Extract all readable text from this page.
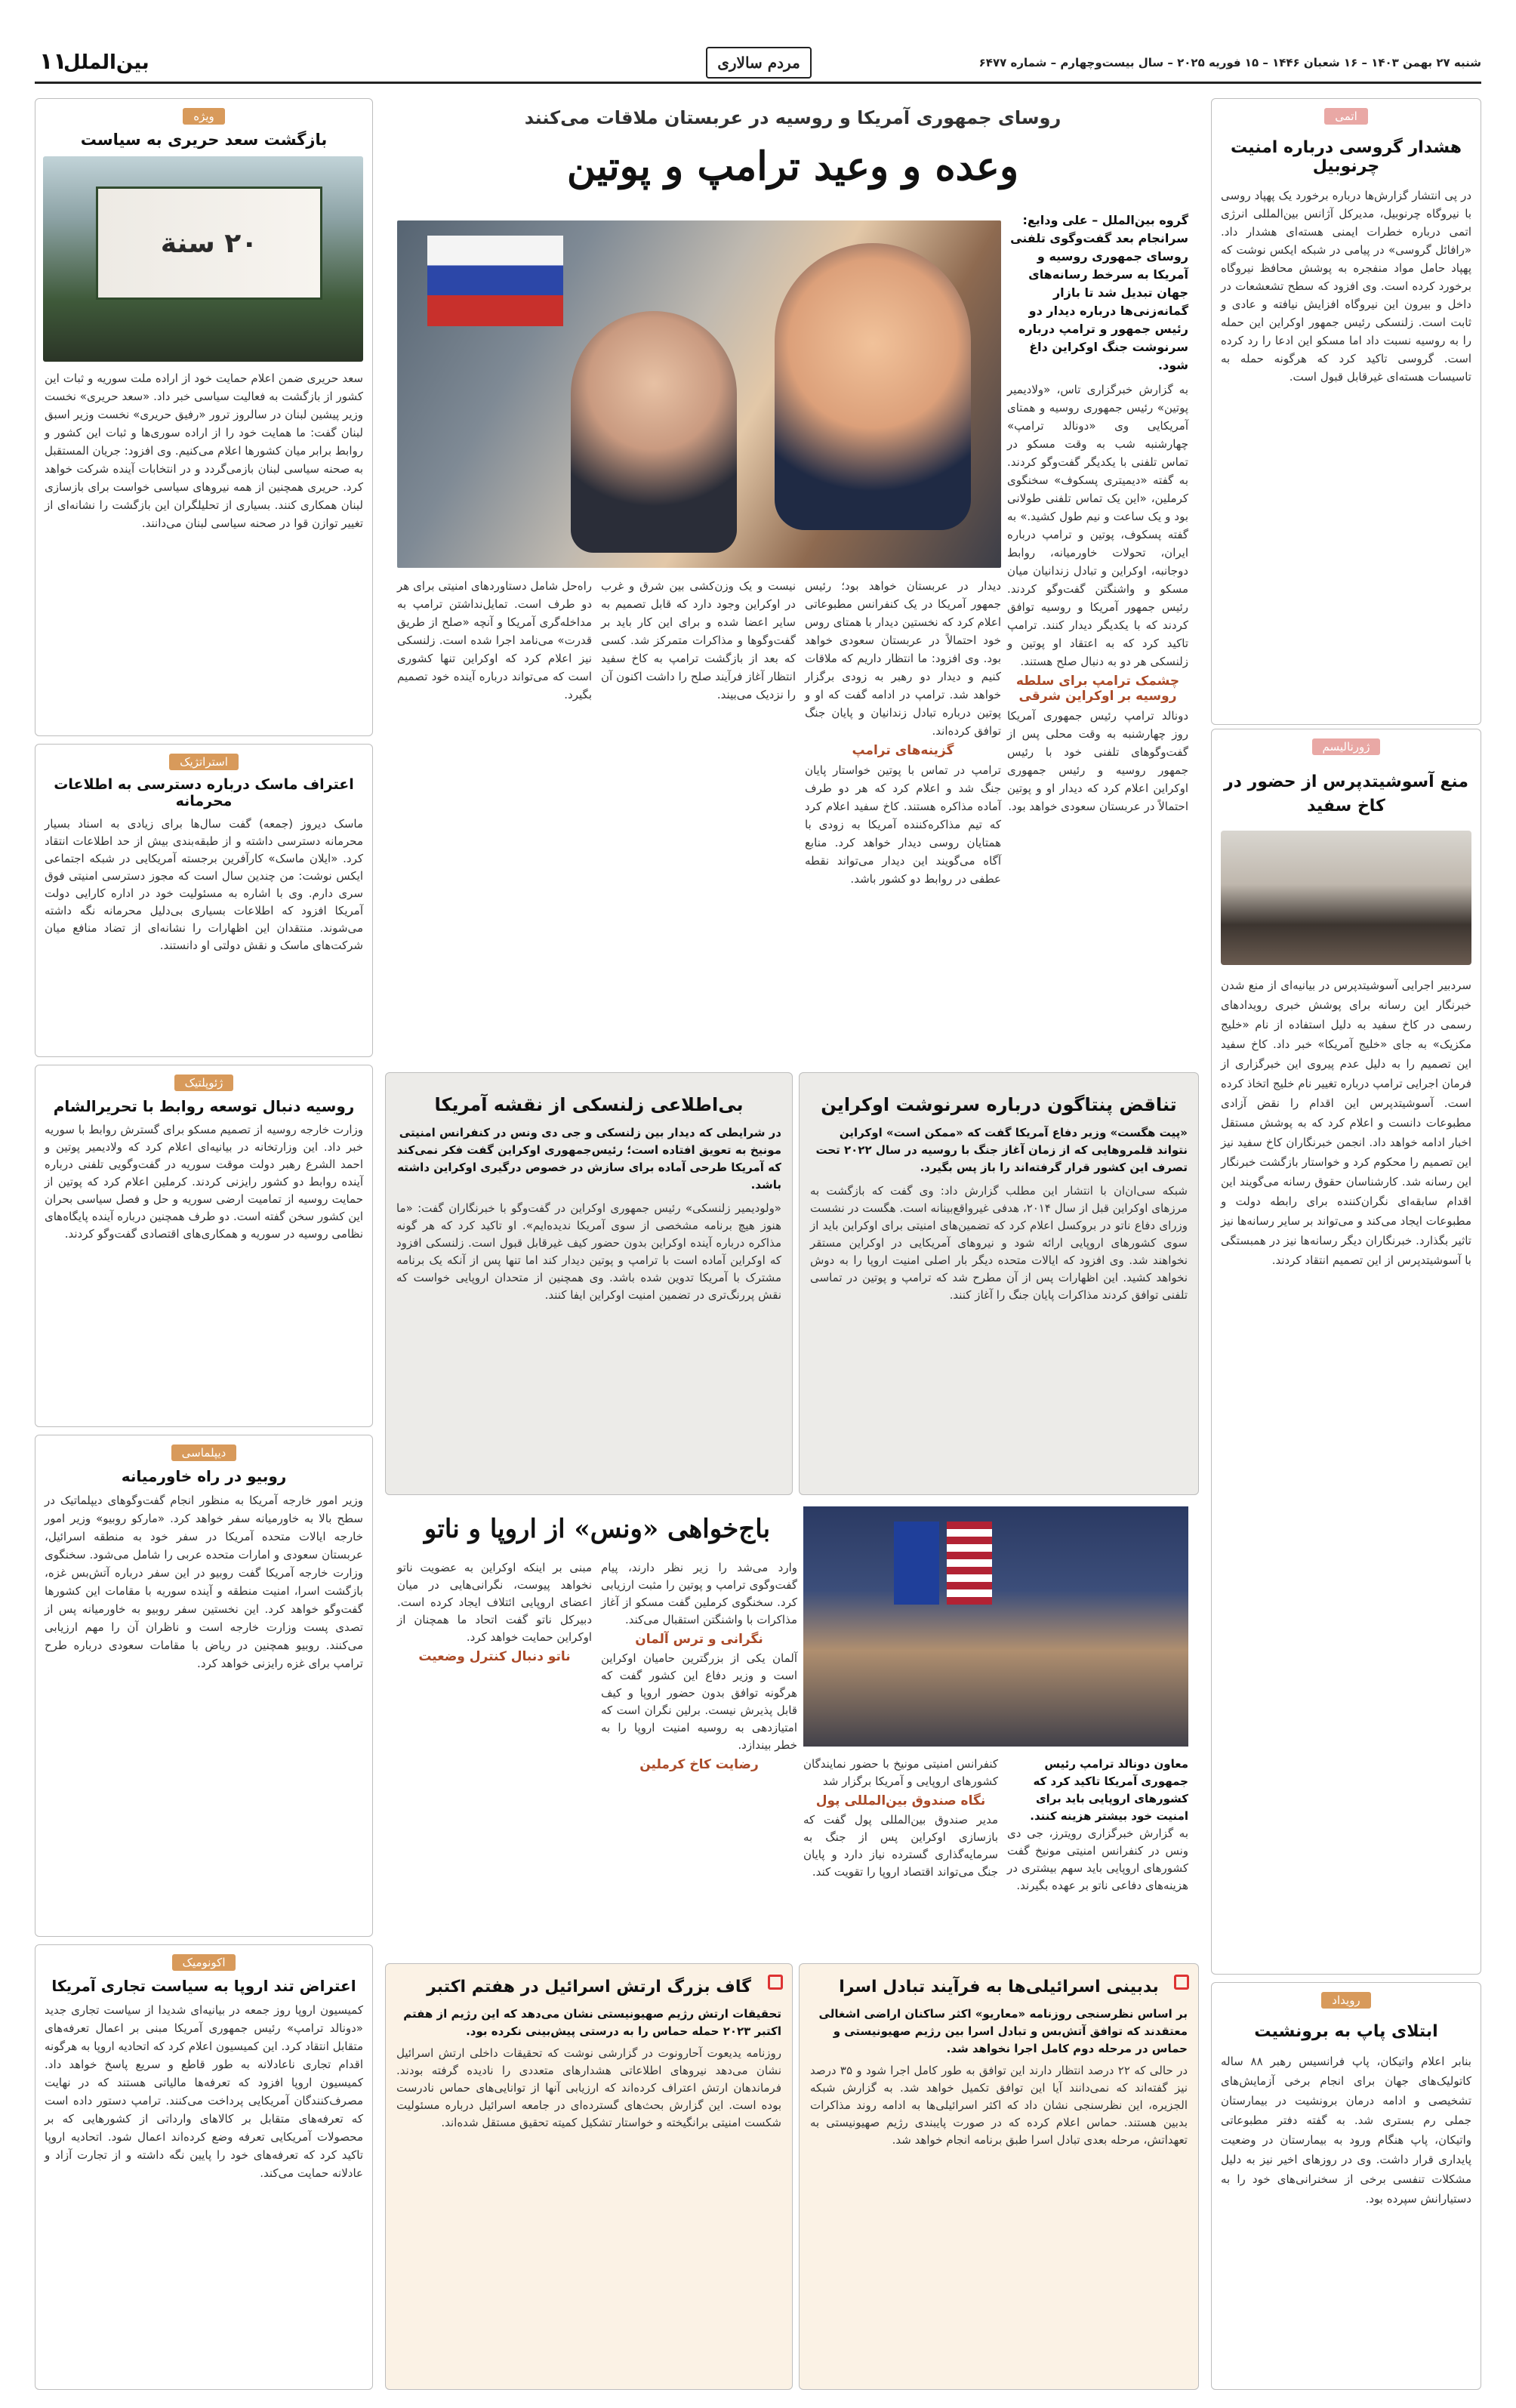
۱۱
بین‌الملل	مردم سالاری	شنبه ۲۷ بهمن ۱۴۰۳ – ۱۶ شعبان ۱۴۴۶ – ۱۵ فوریه ۲۰۲۵ – سال بیست‌وچهارم – شماره ۶۴۷۷
اتمی
هشدار گروسی درباره امنیت چرنوبیل
در پی انتشار گزارش‌ها درباره برخورد یک پهپاد روسی با نیروگاه چرنوبیل، مدیرکل آژانس بین‌المللی انرژی اتمی درباره خطرات ایمنی هسته‌ای هشدار داد. «رافائل گروسی» در پیامی در شبکه ایکس نوشت که پهپاد حامل مواد منفجره به پوشش محافظ نیروگاه برخورد کرده است. وی افزود که سطح تشعشعات در داخل و بیرون این نیروگاه افزایش نیافته و عادی و ثابت است. زلنسکی رئیس جمهور اوکراین این حمله را به روسیه نسبت داد اما مسکو این ادعا را رد کرده است. گروسی تاکید کرد که هرگونه حمله به تاسیسات هسته‌ای غیرقابل قبول است.
ژورنالیسم
منع آسوشیتدپرس از حضور در کاخ سفید
سردبیر اجرایی آسوشیتدپرس در بیانیه‌ای از منع شدن خبرنگار این رسانه برای پوشش خبری رویدادهای رسمی در کاخ سفید به دلیل استفاده از نام «خلیج مکزیک» به جای «خلیج آمریکا» خبر داد. کاخ سفید این تصمیم را به دلیل عدم پیروی این خبرگزاری از فرمان اجرایی ترامپ درباره تغییر نام خلیج اتخاذ کرده است. آسوشیتدپرس این اقدام را نقض آزادی مطبوعات دانست و اعلام کرد که به پوشش مستقل اخبار ادامه خواهد داد. انجمن خبرنگاران کاخ سفید نیز این تصمیم را محکوم کرد و خواستار بازگشت خبرنگار این رسانه شد. کارشناسان حقوق رسانه می‌گویند این اقدام سابقه‌ای نگران‌کننده برای رابطه دولت و مطبوعات ایجاد می‌کند و می‌تواند بر سایر رسانه‌ها نیز تاثیر بگذارد. خبرنگاران دیگر رسانه‌ها نیز در همبستگی با آسوشیتدپرس از این تصمیم انتقاد کردند.
رویداد
ابتلای پاپ به برونشیت
بنابر اعلام واتیکان، پاپ فرانسیس رهبر ۸۸ ساله کاتولیک‌های جهان برای انجام برخی آزمایش‌های تشخیصی و ادامه درمان برونشیت در بیمارستان جملی رم بستری شد. به گفته دفتر مطبوعاتی واتیکان، پاپ هنگام ورود به بیمارستان در وضعیت پایداری قرار داشت. وی در روزهای اخیر نیز به دلیل مشکلات تنفسی برخی از سخنرانی‌های خود را به دستیارانش سپرده بود.
ویژه
بازگشت سعد حریری به سیاست
٢٠ سنة
سعد حریری ضمن اعلام حمایت خود از اراده ملت سوریه و ثبات این کشور از بازگشت به فعالیت سیاسی خبر داد. «سعد حریری» نخست وزیر پیشین لبنان در سالروز ترور «رفیق حریری» نخست وزیر اسبق لبنان گفت: ما همایت خود را از اراده سوری‌ها و ثبات این کشور و روابط برابر میان کشورها اعلام می‌کنیم. وی افزود: جریان المستقبل به صحنه سیاسی لبنان بازمی‌گردد و در انتخابات آینده شرکت خواهد کرد. حریری همچنین از همه نیروهای سیاسی خواست برای بازسازی لبنان همکاری کنند. بسیاری از تحلیلگران این بازگشت را نشانه‌ای از تغییر توازن قوا در صحنه سیاسی لبنان می‌دانند.
استراتژیک
اعتراف ماسک درباره دسترسی به اطلاعات محرمانه
ماسک دیروز (جمعه) گفت سال‌ها برای زیادی به اسناد بسیار محرمانه دسترسی داشته و از طبقه‌بندی بیش از حد اطلاعات انتقاد کرد. «ایلان ماسک» کارآفرین برجسته آمریکایی در شبکه اجتماعی ایکس نوشت: من چندین سال است که مجوز دسترسی امنیتی فوق سری دارم. وی با اشاره به مسئولیت خود در اداره کارایی دولت آمریکا افزود که اطلاعات بسیاری بی‌دلیل محرمانه نگه داشته می‌شوند. منتقدان این اظهارات را نشانه‌ای از تضاد منافع میان شرکت‌های ماسک و نقش دولتی او دانستند.
ژئوپلتیک
روسیه دنبال توسعه روابط با تحریرالشام
وزارت خارجه روسیه از تصمیم مسکو برای گسترش روابط با سوریه خبر داد. این وزارتخانه در بیانیه‌ای اعلام کرد که ولادیمیر پوتین و احمد الشرع رهبر دولت موقت سوریه در گفت‌وگویی تلفنی درباره آینده روابط دو کشور رایزنی کردند. کرملین اعلام کرد که پوتین از حمایت روسیه از تمامیت ارضی سوریه و حل و فصل سیاسی بحران این کشور سخن گفته است. دو طرف همچنین درباره آینده پایگاه‌های نظامی روسیه در سوریه و همکاری‌های اقتصادی گفت‌وگو کردند.
دیپلماسی
روبیو در راه خاورمیانه
وزیر امور خارجه آمریکا به منظور انجام گفت‌وگوهای دیپلماتیک در سطح بالا به خاورمیانه سفر خواهد کرد. «مارکو روبیو» وزیر امور خارجه ایالات متحده آمریکا در سفر خود به منطقه اسرائیل، عربستان سعودی و امارات متحده عربی را شامل می‌شود. سخنگوی وزارت خارجه آمریکا گفت روبیو در این سفر درباره آتش‌بس غزه، بازگشت اسرا، امنیت منطقه و آینده سوریه با مقامات این کشورها گفت‌وگو خواهد کرد. این نخستین سفر روبیو به خاورمیانه پس از تصدی پست وزارت خارجه است و ناظران آن را مهم ارزیابی می‌کنند. روبیو همچنین در ریاض با مقامات سعودی درباره طرح ترامپ برای غزه رایزنی خواهد کرد.
اکونومیک
اعتراض تند اروپا به سیاست تجاری آمریکا
کمیسیون اروپا روز جمعه در بیانیه‌ای شدیدا از سیاست تجاری جدید «دونالد ترامپ» رئیس جمهوری آمریکا مبنی بر اعمال تعرفه‌های متقابل انتقاد کرد. این کمیسیون اعلام کرد که اتحادیه اروپا به هرگونه اقدام تجاری ناعادلانه به طور قاطع و سریع پاسخ خواهد داد. کمیسیون اروپا افزود که تعرفه‌ها مالیاتی هستند که در نهایت مصرف‌کنندگان آمریکایی پرداخت می‌کنند. ترامپ دستور داده است که تعرفه‌های متقابل بر کالاهای وارداتی از کشورهایی که بر محصولات آمریکایی تعرفه وضع کرده‌اند اعمال شود. اتحادیه اروپا تاکید کرد که تعرفه‌های خود را پایین نگه داشته و از تجارت آزاد و عادلانه حمایت می‌کند.
روسای جمهوری آمریکا و روسیه در عربستان ملاقات می‌کنند
وعده و وعید ترامپ و پوتین
گروه بین‌الملل – علی ودایع: سرانجام بعد گفت‌وگوی تلفنی روسای جمهوری روسیه و آمریکا به سرخط رسانه‌های جهان تبدیل شد تا بازار گمانه‌زنی‌ها درباره دیدار دو رئیس جمهور و ترامپ درباره سرنوشت جنگ اوکراین داغ شود.
به گزارش خبرگزاری تاس، «ولادیمیر پوتین» رئیس جمهوری روسیه و همتای آمریکایی وی «دونالد ترامپ» چهارشنبه شب به وقت مسکو در تماس تلفنی با یکدیگر گفت‌وگو کردند. به گفته «دیمیتری پسکوف» سخنگوی کرملین، «این یک تماس تلفنی طولانی بود و یک ساعت و نیم طول کشید.» به گفته پسکوف، پوتین و ترامپ درباره ایران، تحولات خاورمیانه، روابط دوجانبه، اوکراین و تبادل زندانیان میان مسکو و واشنگتن گفت‌وگو کردند. رئیس جمهور آمریکا و روسیه توافق کردند که با یکدیگر دیدار کنند. ترامپ تاکید کرد که به اعتقاد او پوتین و زلنسکی هر دو به دنبال صلح هستند.
چشمک ترامپ برای سلطه روسیه بر اوکراین شرقی
دونالد ترامپ رئیس جمهوری آمریکا روز چهارشنبه به وقت محلی پس از گفت‌وگوهای تلفنی خود با رئیس جمهور روسیه و رئیس جمهوری اوکراین اعلام کرد که دیدار او و پوتین احتمالاً در عربستان سعودی خواهد بود.
دیدار در عربستان خواهد بود؛ رئیس جمهور آمریکا در یک کنفرانس مطبوعاتی اعلام کرد که نخستین دیدار با همتای روس خود احتمالاً در عربستان سعودی خواهد بود. وی افزود: ما انتظار داریم که ملاقات کنیم و دیدار دو رهبر به زودی برگزار خواهد شد. ترامپ در ادامه گفت که او و پوتین درباره تبادل زندانیان و پایان جنگ توافق کرده‌اند.
گزینه‌های ترامپ
ترامپ در تماس با پوتین خواستار پایان جنگ شد و اعلام کرد که هر دو طرف آماده مذاکره هستند. کاخ سفید اعلام کرد که تیم مذاکره‌کننده آمریکا به زودی با همتایان روسی دیدار خواهد کرد. منابع آگاه می‌گویند این دیدار می‌تواند نقطه عطفی در روابط دو کشور باشد.
نیست و یک وزن‌کشی بین شرق و غرب در اوکراین وجود دارد که قابل تصمیم به سایر اعضا شده و برای این کار باید بر گفت‌وگوها و مذاکرات متمرکز شد. کسی که بعد از بازگشت ترامپ به کاخ سفید انتظار آغاز فرآیند صلح را داشت اکنون آن را نزدیک می‌بیند.
راه‌حل شامل دستاوردهای امنیتی برای هر دو طرف است. تمایل‌نداشتن ترامپ به مداخله‌گری آمریکا و آنچه «صلح از طریق قدرت» می‌نامد اجرا شده است. زلنسکی نیز اعلام کرد که اوکراین تنها کشوری است که می‌تواند درباره آینده خود تصمیم بگیرد.
تناقض پنتاگون درباره سرنوشت اوکراین
«پیت هگست» وزیر دفاع آمریکا گفت که «ممکن است» اوکراین نتواند قلمروهایی که از زمان آغاز جنگ با روسیه در سال ۲۰۲۲ تحت تصرف این کشور قرار گرفته‌اند را باز پس بگیرد.
شبکه سی‌ان‌ان با انتشار این مطلب گزارش داد: وی گفت که بازگشت به مرزهای اوکراین قبل از سال ۲۰۱۴، هدفی غیرواقع‌بینانه است. هگست در نشست وزرای دفاع ناتو در بروکسل اعلام کرد که تضمین‌های امنیتی برای اوکراین باید از سوی کشورهای اروپایی ارائه شود و نیروهای آمریکایی در اوکراین مستقر نخواهند شد. وی افزود که ایالات متحده دیگر بار اصلی امنیت اروپا را به دوش نخواهد کشید. این اظهارات پس از آن مطرح شد که ترامپ و پوتین در تماسی تلفنی توافق کردند مذاکرات پایان جنگ را آغاز کنند.
بی‌اطلاعی زلنسکی از نقشه آمریکا
در شرایطی که دیدار بین زلنسکی و جی دی ونس در کنفرانس امنیتی مونیخ به تعویق افتاده است؛ رئیس‌جمهوری اوکراین گفت فکر نمی‌کند که آمریکا طرحی آماده برای سازش در خصوص درگیری اوکراین داشته باشد.
«ولودیمیر زلنسکی» رئیس جمهوری اوکراین در گفت‌وگو با خبرنگاران گفت: «ما هنوز هیچ برنامه مشخصی از سوی آمریکا ندیده‌ایم». او تاکید کرد که هر گونه مذاکره درباره آینده اوکراین بدون حضور کیف غیرقابل قبول است. زلنسکی افزود که اوکراین آماده است با ترامپ و پوتین دیدار کند اما تنها پس از آنکه یک برنامه مشترک با آمریکا تدوین شده باشد. وی همچنین از متحدان اروپایی خواست که نقش پررنگ‌تری در تضمین امنیت اوکراین ایفا کنند.
باج‌خواهی «ونس» از اروپا و ناتو
معاون دونالد ترامپ رئیس جمهوری آمریکا تاکید کرد که کشورهای اروپایی باید برای امنیت خود بیشتر هزینه کنند.
به گزارش خبرگزاری رویترز، جی دی ونس در کنفرانس امنیتی مونیخ گفت کشورهای اروپایی باید سهم بیشتری در هزینه‌های دفاعی ناتو بر عهده بگیرند.
کنفرانس امنیتی مونیخ با حضور نمایندگان کشورهای اروپایی و آمریکا برگزار شد
نگاه صندوق بین‌المللی پول
مدیر صندوق بین‌المللی پول گفت که بازسازی اوکراین پس از جنگ به سرمایه‌گذاری گسترده نیاز دارد و پایان جنگ می‌تواند اقتصاد اروپا را تقویت کند.
وارد می‌شد را زیر نظر دارند، پیام گفت‌وگوی ترامپ و پوتین را مثبت ارزیابی کرد. سخنگوی کرملین گفت مسکو از آغاز مذاکرات با واشنگتن استقبال می‌کند.
نگرانی و ترس آلمان
آلمان یکی از بزرگترین حامیان اوکراین است و وزیر دفاع این کشور گفت که هرگونه توافق بدون حضور اروپا و کیف قابل پذیرش نیست. برلین نگران است که امتیازدهی به روسیه امنیت اروپا را به خطر بیندازد.
رضایت کاخ کرملین
مبنی بر اینکه اوکراین به عضویت ناتو نخواهد پیوست، نگرانی‌هایی در میان اعضای اروپایی ائتلاف ایجاد کرده است. دبیرکل ناتو گفت اتحاد ما همچنان از اوکراین حمایت خواهد کرد.
ناتو دنبال کنترل وضعیت
بدبینی اسرائیلی‌ها به فرآیند تبادل اسرا
بر اساس نظرسنجی روزنامه «معاریو» اکثر ساکنان اراضی اشغالی معتقدند که توافق آتش‌بس و تبادل اسرا بین رژیم صهیونیستی و حماس در مرحله دوم کامل اجرا نخواهد شد.
در حالی که ۲۲ درصد انتظار دارند این توافق به طور کامل اجرا شود و ۳۵ درصد نیز گفته‌اند که نمی‌دانند آیا این توافق تکمیل خواهد شد. به گزارش شبکه الجزیره، این نظرسنجی نشان داد که اکثر اسرائیلی‌ها به ادامه روند مذاکرات بدبین هستند. حماس اعلام کرده که در صورت پایبندی رژیم صهیونیستی به تعهداتش، مرحله بعدی تبادل اسرا طبق برنامه انجام خواهد شد.
گاف بزرگ ارتش اسرائیل در هفتم اکتبر
تحقیقات ارتش رژیم صهیونیستی نشان می‌دهد که این رژیم از هفتم اکتبر ۲۰۲۳ حمله حماس را به درستی پیش‌بینی نکرده بود.
روزنامه یدیعوت آحارونوت در گزارشی نوشت که تحقیقات داخلی ارتش اسرائیل نشان می‌دهد نیروهای اطلاعاتی هشدارهای متعددی را نادیده گرفته بودند. فرماندهان ارتش اعتراف کرده‌اند که ارزیابی آنها از توانایی‌های حماس نادرست بوده است. این گزارش بحث‌های گسترده‌ای در جامعه اسرائیل درباره مسئولیت شکست امنیتی برانگیخته و خواستار تشکیل کمیته تحقیق مستقل شده‌اند.
